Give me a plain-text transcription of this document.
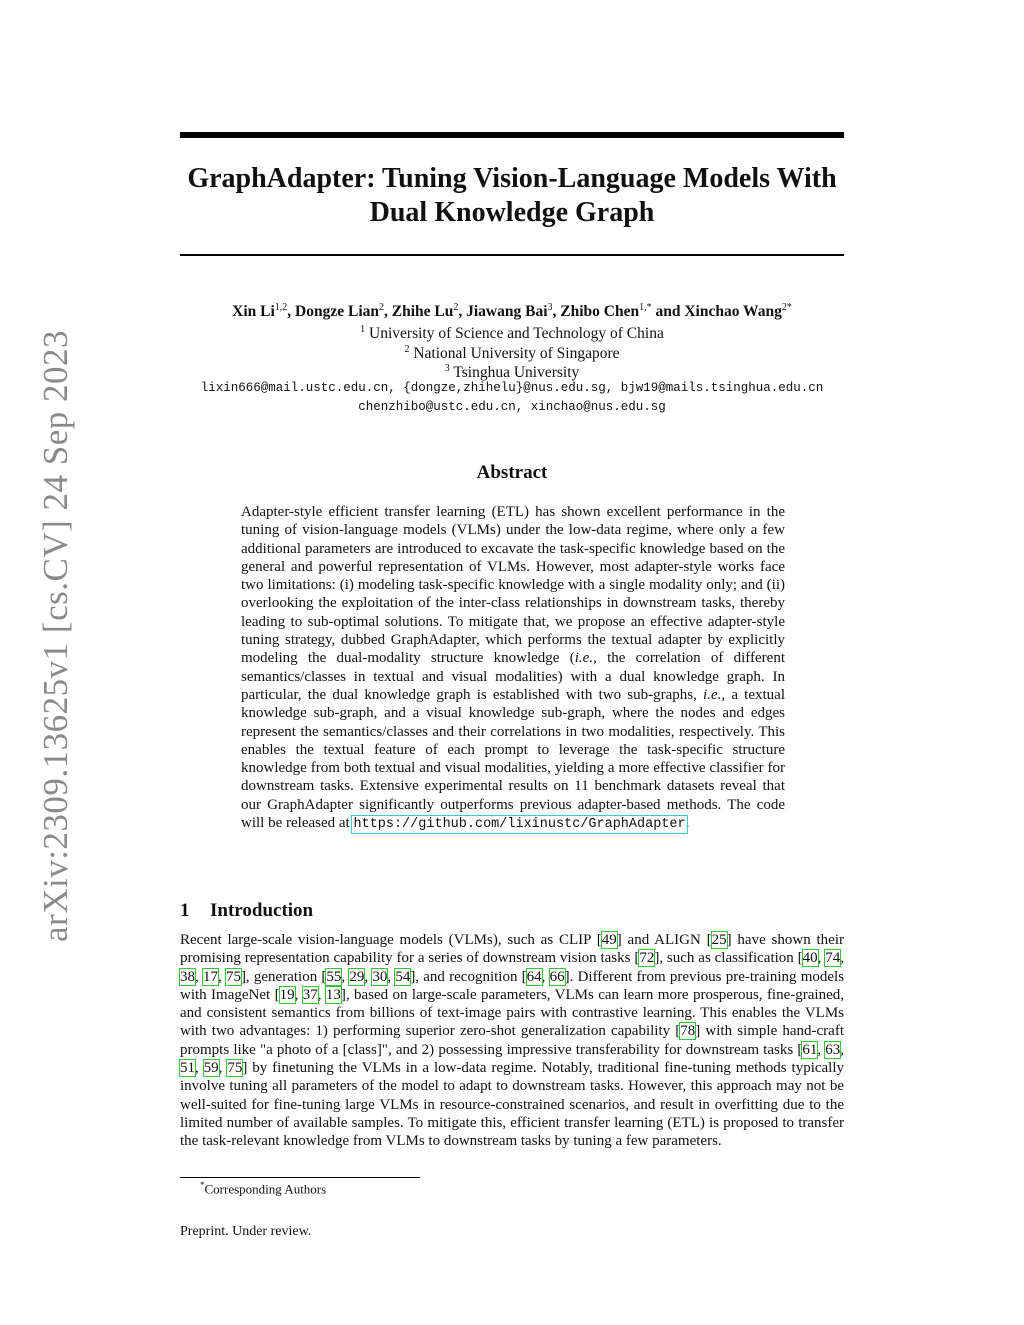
arXiv:2309.13625v1 [cs.CV] 24 Sep 2023
GraphAdapter: Tuning Vision-Language Models With
Dual Knowledge Graph
Xin Li$^{1,2}$, Dongze Lian$^2$, Zhihe Lu$^2$, Jiawang Bai$^3$, Zhibo Chen$^{1,*}$ and Xinchao Wang$^{2*}$
$^1$ University of Science and Technology of China
$^2$ National University of Singapore
$^3$ Tsinghua University
lixin666@mail.ustc.edu.cn, {dongze,zhihelu}@nus.edu.sg, bjw19@mails.tsinghua.edu.cn
chenzhibo@ustc.edu.cn, xinchao@nus.edu.sg
Abstract
Adapter-style efficient transfer learning (ETL) has shown excellent performance in the tuning of vision-language models (VLMs) under the low-data regime, where only a few additional parameters are introduced to excavate the task-specific knowledge based on the general and powerful representation of VLMs. However, most adapter-style works face two limitations: (i) modeling task-specific knowledge with a single modality only; and (ii) overlooking the exploitation of the inter-class relationships in downstream tasks, thereby leading to sub-optimal solutions. To mitigate that, we propose an effective adapter-style tuning strategy, dubbed GraphAdapter, which performs the textual adapter by explicitly modeling the dual-modality structure knowledge (i.e., the correlation of different semantics/classes in textual and visual modalities) with a dual knowledge graph. In particular, the dual knowledge graph is established with two sub-graphs, i.e., a textual knowledge sub-graph, and a visual knowledge sub-graph, where the nodes and edges represent the semantics/classes and their correlations in two modalities, respectively. This enables the textual feature of each prompt to leverage the task-specific structure knowledge from both textual and visual modalities, yielding a more effective classifier for downstream tasks. Extensive experimental results on 11 benchmark datasets reveal that our GraphAdapter significantly outperforms previous adapter-based methods. The code will be released at https://github.com/lixinustc/GraphAdapter.
1 Introduction
Recent large-scale vision-language models (VLMs), such as CLIP [49] and ALIGN [25] have shown their promising representation capability for a series of downstream vision tasks [72], such as classification [40, 74, 38, 17, 75], generation [55, 29, 30, 54], and recognition [64, 66]. Different from previous pre-training models with ImageNet [19, 37, 13], based on large-scale parameters, VLMs can learn more prosperous, fine-grained, and consistent semantics from billions of text-image pairs with contrastive learning. This enables the VLMs with two advantages: 1) performing superior zero-shot generalization capability [78] with simple hand-craft prompts like "a photo of a [class]", and 2) possessing impressive transferability for downstream tasks [61, 63, 51, 59, 75] by finetuning the VLMs in a low-data regime. Notably, traditional fine-tuning methods typically involve tuning all parameters of the model to adapt to downstream tasks. However, this approach may not be well-suited for fine-tuning large VLMs in resource-constrained scenarios, and result in overfitting due to the limited number of available samples. To mitigate this, efficient transfer learning (ETL) is proposed to transfer the task-relevant knowledge from VLMs to downstream tasks by tuning a few parameters.
*Corresponding Authors
Preprint. Under review.
